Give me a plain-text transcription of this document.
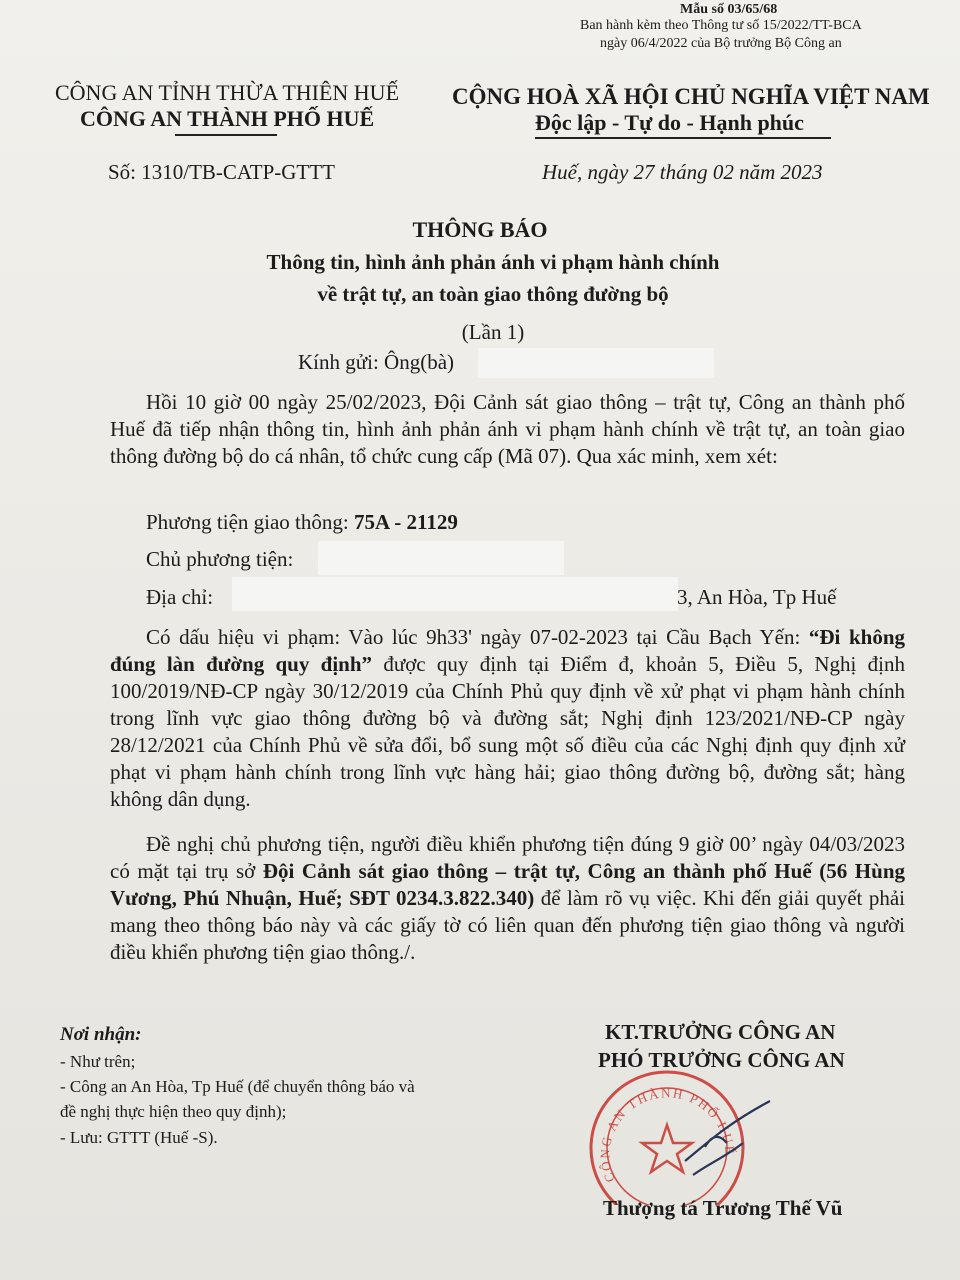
Mẫu số 03/65/68
Ban hành kèm theo Thông tư số 15/2022/TT-BCA
ngày 06/4/2022 của Bộ trưởng Bộ Công an
CÔNG AN TỈNH THỪA THIÊN HUẾ
CÔNG AN THÀNH PHỐ HUẾ
CỘNG HOÀ XÃ HỘI CHỦ NGHĨA VIỆT NAM
Độc lập - Tự do - Hạnh phúc
Số: 1310/TB-CATP-GTTT	Huế, ngày 27 tháng 02 năm 2023
THÔNG BÁO
Thông tin, hình ảnh phản ánh vi phạm hành chính
về trật tự, an toàn giao thông đường bộ
(Lần 1)
Kính gửi: Ông(bà)
Hồi 10 giờ 00 ngày 25/02/2023, Đội Cảnh sát giao thông – trật tự, Công an thành phố Huế đã tiếp nhận thông tin, hình ảnh phản ánh vi phạm hành chính về trật tự, an toàn giao thông đường bộ do cá nhân, tổ chức cung cấp (Mã 07). Qua xác minh, xem xét:
Phương tiện giao thông: 75A - 21129
Chủ phương tiện:
Địa chỉ:	3, An Hòa, Tp Huế
Có dấu hiệu vi phạm: Vào lúc 9h33' ngày 07-02-2023 tại Cầu Bạch Yến: “Đi không đúng làn đường quy định” được quy định tại Điểm đ, khoản 5, Điều 5, Nghị định 100/2019/NĐ-CP ngày 30/12/2019 của Chính Phủ quy định về xử phạt vi phạm hành chính trong lĩnh vực giao thông đường bộ và đường sắt; Nghị định 123/2021/NĐ-CP ngày 28/12/2021 của Chính Phủ về sửa đổi, bổ sung một số điều của các Nghị định quy định xử phạt vi phạm hành chính trong lĩnh vực hàng hải; giao thông đường bộ, đường sắt; hàng không dân dụng.
Đề nghị chủ phương tiện, người điều khiển phương tiện đúng 9 giờ 00’ ngày 04/03/2023 có mặt tại trụ sở Đội Cảnh sát giao thông – trật tự, Công an thành phố Huế (56 Hùng Vương, Phú Nhuận, Huế; SĐT 0234.3.822.340) để làm rõ vụ việc. Khi đến giải quyết phải mang theo thông báo này và các giấy tờ có liên quan đến phương tiện giao thông và người điều khiển phương tiện giao thông./.
Nơi nhận:
- Như trên;
- Công an An Hòa, Tp Huế (để chuyển thông báo và
đề nghị thực hiện theo quy định);
- Lưu: GTTT (Huế -S).
CÔNG AN THÀNH PHỐ HUẾ
KT.TRƯỞNG CÔNG AN
PHÓ TRƯỞNG CÔNG AN
Thượng tá Trương Thế Vũ
